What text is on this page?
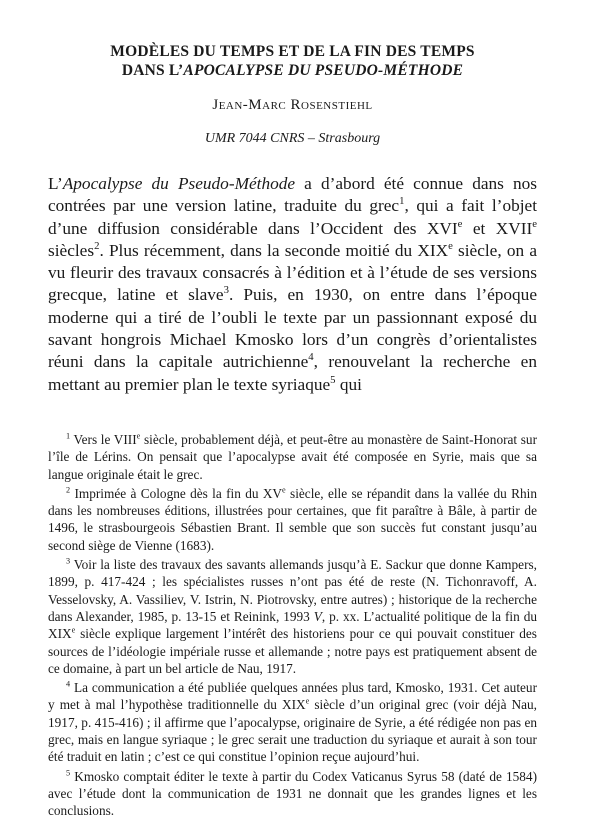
MODÈLES DU TEMPS ET DE LA FIN DES TEMPS
DANS L’APOCALYPSE DU PSEUDO-MÉTHODE
Jean-Marc Rosenstiehl
UMR 7044 CNRS – Strasbourg

L’Apocalypse du Pseudo-Méthode a d’abord été connue dans nos contrées par une version latine, traduite du grec$^1$, qui a fait l’objet d’une diffusion considérable dans l’Occident des XVIe et XVIIe siècles$^2$. Plus récemment, dans la seconde moitié du XIXe siècle, on a vu fleurir des travaux consacrés à l’édition et à l’étude de ses versions grecque, latine et slave$^3$. Puis, en 1930, on entre dans l’époque moderne qui a tiré de l’oubli le texte par un passionnant exposé du savant hongrois Michael Kmosko lors d’un congrès d’orientalistes réuni dans la capitale autrichienne$^4$, renouvelant la recherche en mettant au premier plan le texte syriaque$^5$ qui

$^1$ Vers le VIIIe siècle, probablement déjà, et peut-être au monastère de Saint-Honorat sur l’île de Lérins. On pensait que l’apocalypse avait été composée en Syrie, mais que sa langue originale était le grec.

$^2$ Imprimée à Cologne dès la fin du XVe siècle, elle se répandit dans la vallée du Rhin dans les nombreuses éditions, illustrées pour certaines, que fit paraître à Bâle, à partir de 1496, le strasbourgeois Sébastien Brant. Il semble que son succès fut constant jusqu’au second siège de Vienne (1683).

$^3$ Voir la liste des travaux des savants allemands jusqu’à E. Sackur que donne Kampers, 1899, p. 417-424 ; les spécialistes russes n’ont pas été de reste (N. Tichonravoff, A. Vesselovsky, A. Vassiliev, V. Istrin, N. Piotrovsky, entre autres) ; historique de la recherche dans Alexander, 1985, p. 13-15 et Reinink, 1993 V, p. xx. L’actualité politique de la fin du XIXe siècle explique largement l’intérêt des historiens pour ce qui pouvait constituer des sources de l’idéologie impériale russe et allemande ; notre pays est pratiquement absent de ce domaine, à part un bel article de Nau, 1917.

$^4$ La communication a été publiée quelques années plus tard, Kmosko, 1931. Cet auteur y met à mal l’hypothèse traditionnelle du XIXe siècle d’un original grec (voir déjà Nau, 1917, p. 415-416) ; il affirme que l’apocalypse, originaire de Syrie, a été rédigée non pas en grec, mais en langue syriaque ; le grec serait une traduction du syriaque et aurait à son tour été traduit en latin ; c’est ce qui constitue l’opinion reçue aujourd’hui.

$^5$ Kmosko comptait éditer le texte à partir du Codex Vaticanus Syrus 58 (daté de 1584) avec l’étude dont la communication de 1931 ne donnait que les grandes lignes et les conclusions.
